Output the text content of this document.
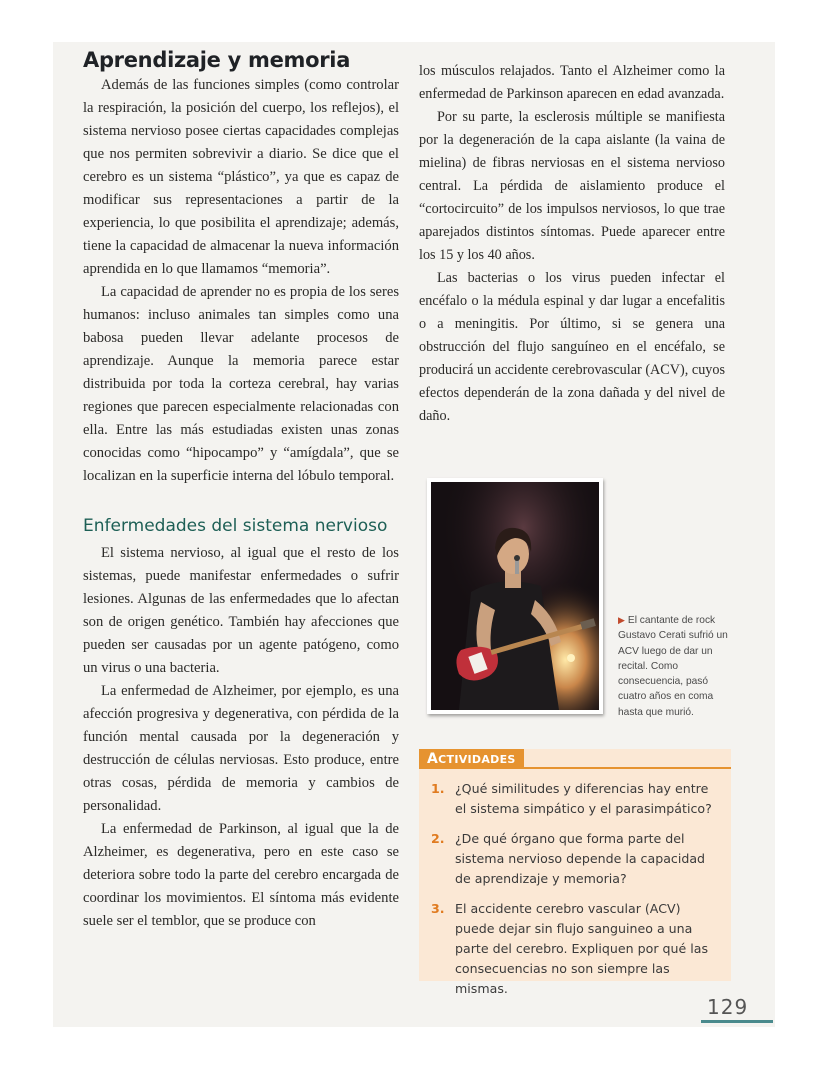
Aprendizaje y memoria

Además de las funciones simples (como controlar la respiración, la posición del cuerpo, los reflejos), el sistema nervioso posee ciertas capacidades complejas que nos permiten sobrevivir a diario. Se dice que el cerebro es un sistema “plástico”, ya que es capaz de modificar sus representaciones a partir de la experiencia, lo que posibilita el aprendizaje; además, tiene la capacidad de almacenar la nueva información aprendida en lo que llamamos “memoria”.

La capacidad de aprender no es propia de los seres humanos: incluso animales tan simples como una babosa pueden llevar adelante procesos de aprendizaje. Aunque la memoria parece estar distribuida por toda la corteza cerebral, hay varias regiones que parecen especialmente relacionadas con ella. Entre las más estudiadas existen unas zonas conocidas como “hipocampo” y “amígdala”, que se localizan en la superficie interna del lóbulo temporal.

Enfermedades del sistema nervioso

El sistema nervioso, al igual que el resto de los sistemas, puede manifestar enfermedades o sufrir lesiones. Algunas de las enfermedades que lo afectan son de origen genético. También hay afecciones que pueden ser causadas por un agente patógeno, como un virus o una bacteria.

La enfermedad de Alzheimer, por ejemplo, es una afección progresiva y degenerativa, con pérdida de la función mental causada por la degeneración y destrucción de células nerviosas. Esto produce, entre otras cosas, pérdida de memoria y cambios de personalidad.

La enfermedad de Parkinson, al igual que la de Alzheimer, es degenerativa, pero en este caso se deteriora sobre todo la parte del cerebro encargada de coordinar los movimientos. El síntoma más evidente suele ser el temblor, que se produce con

los músculos relajados. Tanto el Alzheimer como la enfermedad de Parkinson aparecen en edad avanzada.

Por su parte, la esclerosis múltiple se manifiesta por la degeneración de la capa aislante (la vaina de mielina) de fibras nerviosas en el sistema nervioso central. La pérdida de aislamiento produce el “cortocircuito” de los impulsos nerviosos, lo que trae aparejados distintos síntomas. Puede aparecer entre los 15 y los 40 años.

Las bacterias o los virus pueden infectar el encéfalo o la médula espinal y dar lugar a encefalitis o a meningitis. Por último, si se genera una obstrucción del flujo sanguíneo en el encéfalo, se producirá un accidente cerebrovascular (ACV), cuyos efectos dependerán de la zona dañada y del nivel de daño.

▶ El cantante de rock Gustavo Cerati sufrió un ACV luego de dar un recital. Como consecuencia, pasó cuatro años en coma hasta que murió.
ACTIVIDADES
1. ¿Qué similitudes y diferencias hay entre el sistema simpático y el parasimpático?
2. ¿De qué órgano que forma parte del sistema nervioso depende la capacidad de aprendizaje y memoria?
3. El accidente cerebro vascular (ACV) puede dejar sin flujo sanguineo a una parte del cerebro. Expliquen por qué las consecuencias no son siempre las mismas.
129
